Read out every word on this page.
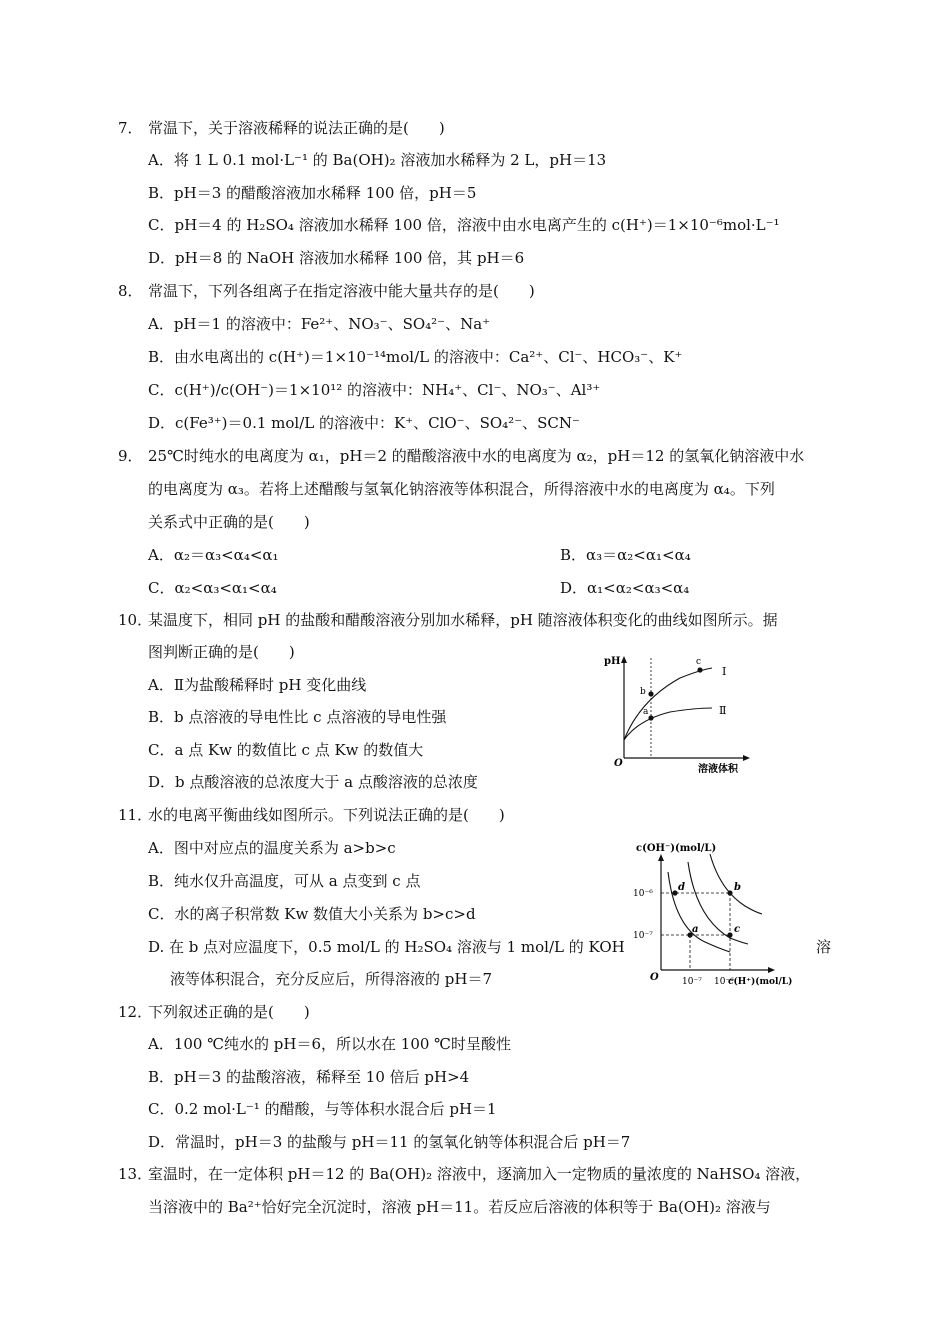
7． 常温下，关于溶液稀释的说法正确的是(　　)
A．将 1 L 0.1 mol·L⁻¹ 的 Ba(OH)₂ 溶液加水稀释为 2 L，pH＝13
B．pH＝3 的醋酸溶液加水稀释 100 倍，pH＝5
C．pH＝4 的 H₂SO₄ 溶液加水稀释 100 倍，溶液中由水电离产生的 c(H⁺)＝1×10⁻⁶mol·L⁻¹
D．pH＝8 的 NaOH 溶液加水稀释 100 倍，其 pH＝6
8． 常温下，下列各组离子在指定溶液中能大量共存的是(　　)
A．pH＝1 的溶液中：Fe²⁺、NO₃⁻、SO₄²⁻、Na⁺
B．由水电离出的 c(H⁺)＝1×10⁻¹⁴mol/L 的溶液中：Ca²⁺、Cl⁻、HCO₃⁻、K⁺
C．c(H⁺)/c(OH⁻)＝1×10¹² 的溶液中：NH₄⁺、Cl⁻、NO₃⁻、Al³⁺
D．c(Fe³⁺)＝0.1 mol/L 的溶液中：K⁺、ClO⁻、SO₄²⁻、SCN⁻
9． 25℃时纯水的电离度为 α₁，pH＝2 的醋酸溶液中水的电离度为 α₂，pH＝12 的氢氧化钠溶液中水
的电离度为 α₃。若将上述醋酸与氢氧化钠溶液等体积混合，所得溶液中水的电离度为 α₄。下列
关系式中正确的是(　　)
A．α₂＝α₃<α₄<α₁	B．α₃＝α₂<α₁<α₄
C．α₂<α₃<α₁<α₄	D．α₁<α₂<α₃<α₄
10．
某温度下，相同 pH 的盐酸和醋酸溶液分别加水稀释，pH 随溶液体积变化的曲线如图所示。据
图判断正确的是(　　)
A．Ⅱ为盐酸稀释时 pH 变化曲线
B．b 点溶液的导电性比 c 点溶液的导电性强
C．a 点 Kw 的数值比 c 点 Kw 的数值大
D．b 点酸溶液的总浓度大于 a 点酸溶液的总浓度
pH
O
溶液体积
b
a
c
Ⅰ
Ⅱ
11．
水的电离平衡曲线如图所示。下列说法正确的是(　　)
A．图中对应点的温度关系为 a>b>c
B．纯水仅升高温度，可从 a 点变到 c 点
C．水的离子积常数 Kw 数值大小关系为 b>c>d
D. 在 b 点对应温度下，0.5 mol/L 的 H₂SO₄ 溶液与 1 mol/L 的 KOH	溶
液等体积混合，充分反应后，所得溶液的 pH＝7
c(OH⁻)(mol/L)
O	c(H⁺)(mol/L)
10⁻⁶
10⁻⁷
10⁻⁷ 10⁻⁶
d	b
a	c
12．
下列叙述正确的是(　　)
A．100 ℃纯水的 pH＝6，所以水在 100 ℃时呈酸性
B．pH＝3 的盐酸溶液，稀释至 10 倍后 pH>4
C．0.2 mol·L⁻¹ 的醋酸，与等体积水混合后 pH＝1
D．常温时，pH＝3 的盐酸与 pH＝11 的氢氧化钠等体积混合后 pH＝7
13．
室温时，在一定体积 pH＝12 的 Ba(OH)₂ 溶液中，逐滴加入一定物质的量浓度的 NaHSO₄ 溶液，
当溶液中的 Ba²⁺恰好完全沉淀时，溶液 pH＝11。若反应后溶液的体积等于 Ba(OH)₂ 溶液与
